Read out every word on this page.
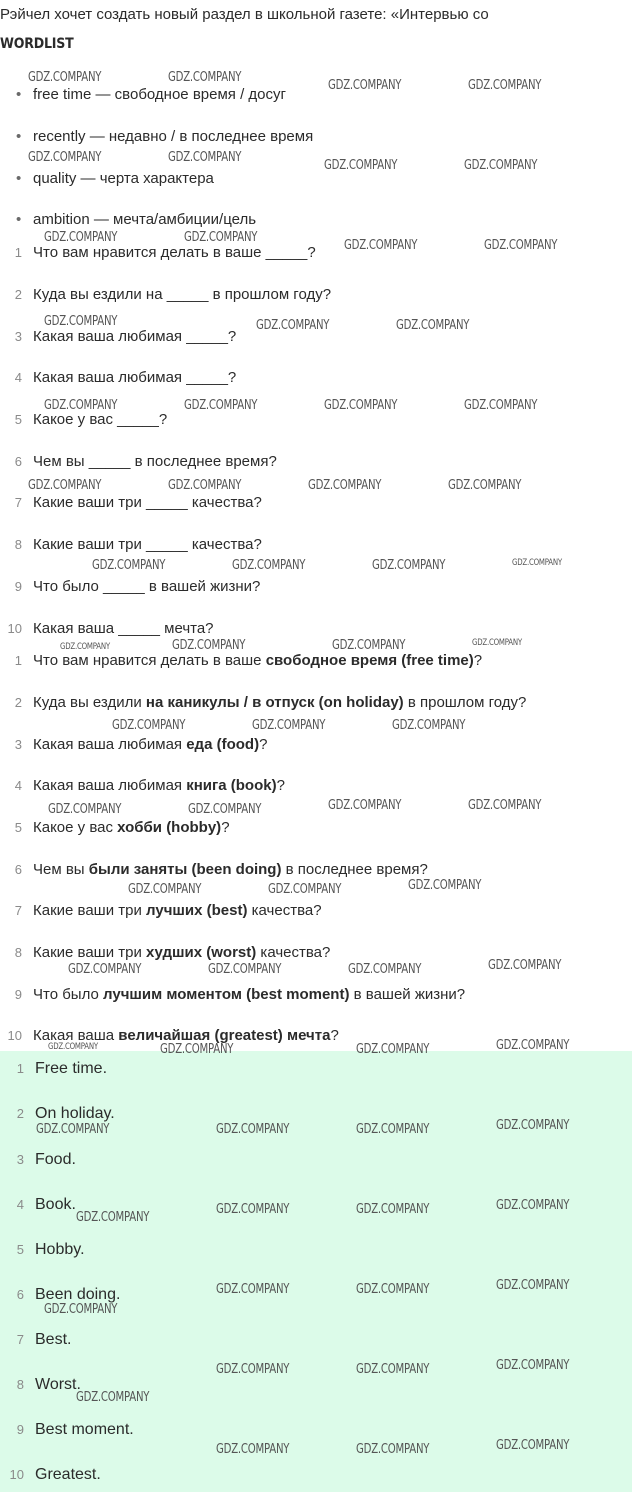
Рэйчел хочет создать новый раздел в школьной газете: «Интервью со
WORDLIST
• free time — свободное время / досуг
• recently — недавно / в последнее время
• quality — черта характера
• ambition — мечта/амбиции/цель
1 Что вам нравится делать в ваше _____?
2 Куда вы ездили на _____ в прошлом году?
3 Какая ваша любимая _____?
4 Какая ваша любимая _____?
5 Какое у вас _____?
6 Чем вы _____ в последнее время?
7 Какие ваши три _____ качества?
8 Какие ваши три _____ качества?
9 Что было _____ в вашей жизни?
10 Какая ваша _____ мечта?
1 Что вам нравится делать в ваше свободное время (free time)?
2 Куда вы ездили на каникулы / в отпуск (on holiday) в прошлом году?
3 Какая ваша любимая еда (food)?
4 Какая ваша любимая книга (book)?
5 Какое у вас хобби (hobby)?
6 Чем вы были заняты (been doing) в последнее время?
7 Какие ваши три лучших (best) качества?
8 Какие ваши три худших (worst) качества?
9 Что было лучшим моментом (best moment) в вашей жизни?
10 Какая ваша величайшая (greatest) мечта?
1 Free time.
2 On holiday.
3 Food.
4 Book.
5 Hobby.
6 Been doing.
7 Best.
8 Worst.
9 Best moment.
10 Greatest.
GDZ.COMPANY	GDZ.COMPANY
GDZ.COMPANY	GDZ.COMPANY
GDZ.COMPANY	GDZ.COMPANY
GDZ.COMPANY	GDZ.COMPANY
GDZ.COMPANY	GDZ.COMPANY
GDZ.COMPANY	GDZ.COMPANY
GDZ.COMPANY	GDZ.COMPANY	GDZ.COMPANY
GDZ.COMPANY	GDZ.COMPANY	GDZ.COMPANY	GDZ.COMPANY
GDZ.COMPANY	GDZ.COMPANY	GDZ.COMPANY	GDZ.COMPANY
GDZ.COMPANY	GDZ.COMPANY	GDZ.COMPANY	GDZ.COMPANY
GDZ.COMPANY	GDZ.COMPANY	GDZ.COMPANY	GDZ.COMPANY
GDZ.COMPANY	GDZ.COMPANY	GDZ.COMPANY
GDZ.COMPANY	GDZ.COMPANY	GDZ.COMPANY	GDZ.COMPANY
GDZ.COMPANY	GDZ.COMPANY	GDZ.COMPANY
GDZ.COMPANY	GDZ.COMPANY	GDZ.COMPANY	GDZ.COMPANY
GDZ.COMPANY	GDZ.COMPANY	GDZ.COMPANY	GDZ.COMPANY
GDZ.COMPANY	GDZ.COMPANY	GDZ.COMPANY	GDZ.COMPANY
GDZ.COMPANY
GDZ.COMPANY	GDZ.COMPANY	GDZ.COMPANY
GDZ.COMPANY	GDZ.COMPANY	GDZ.COMPANY
GDZ.COMPANY
GDZ.COMPANY	GDZ.COMPANY	GDZ.COMPANY
GDZ.COMPANY
GDZ.COMPANY	GDZ.COMPANY	GDZ.COMPANY
